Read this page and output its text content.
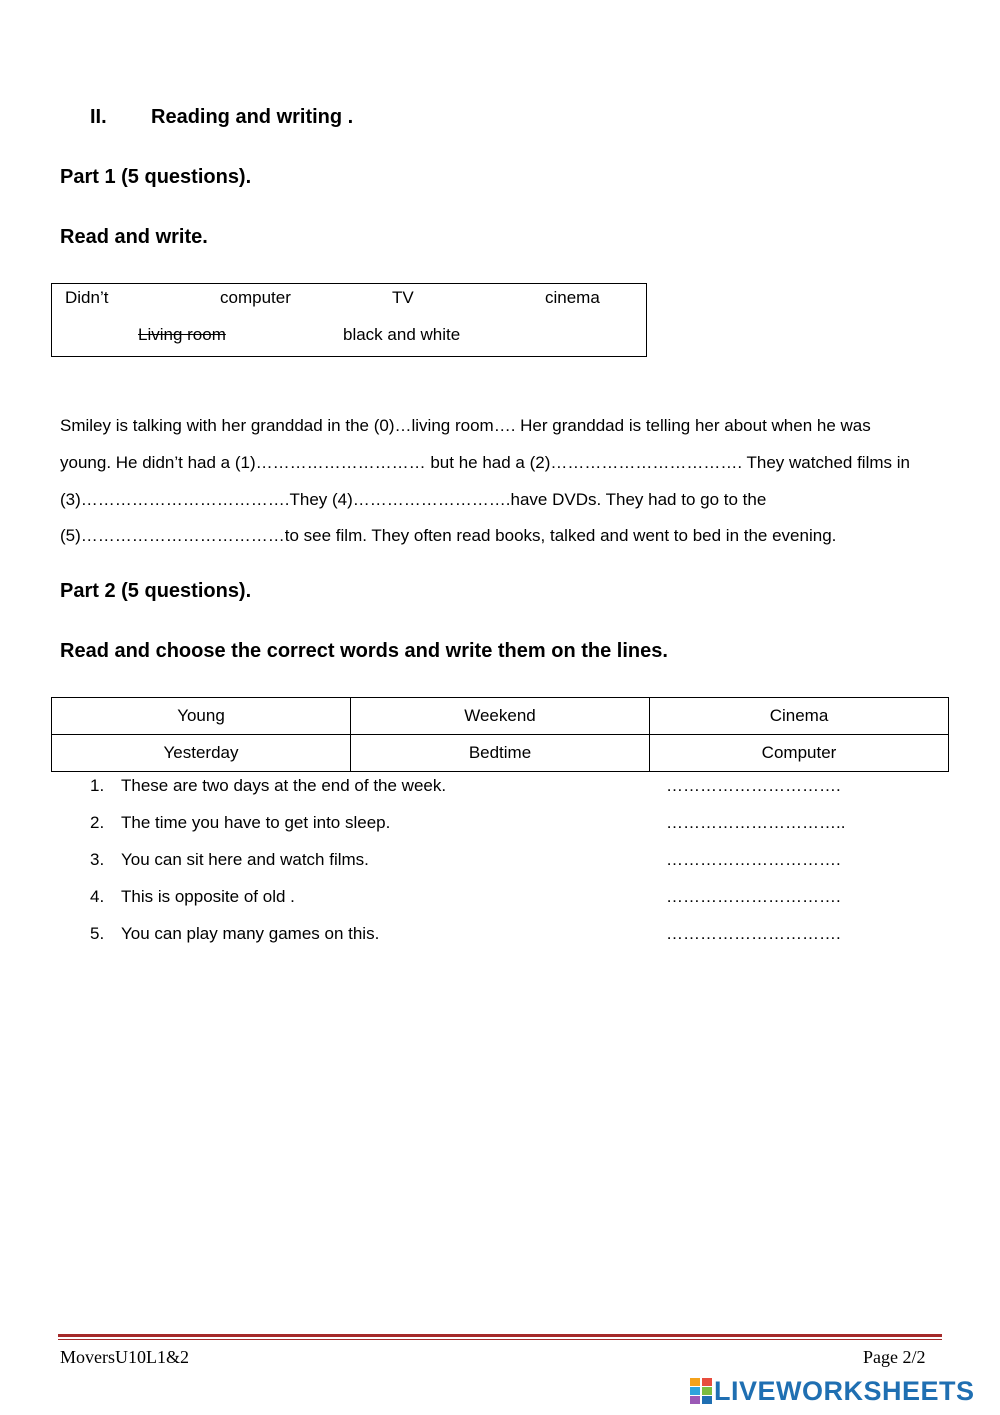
II. Reading and writing .
Part 1 (5 questions).
Read and write.
Didn’t	computer	TV	cinema
Living room	black and white
Smiley is talking with her granddad in the (0)…living room…. Her granddad is telling her about when he was
young. He didn’t had a (1)………………………… but he had a (2)……………………………. They watched films in
(3)……………………………….They (4)……………………….have DVDs. They had to go to the
(5)………………………………to see film. They often read books, talked and went to bed in the evening.
Part 2 (5 questions).
Read and choose the correct words and write them on the lines.
Young	Weekend	Cinema
Yesterday	Bedtime	Computer
1. These are two days at the end of the week.	………………………….
2. The time you have to get into sleep.	…………………………..
3. You can sit here and watch films.	………………………….
4. This is opposite of old .	………………………….
5. You can play many games on this.	………………………….
MoversU10L1&2	Page 2/2
LIVEWORKSHEETS
